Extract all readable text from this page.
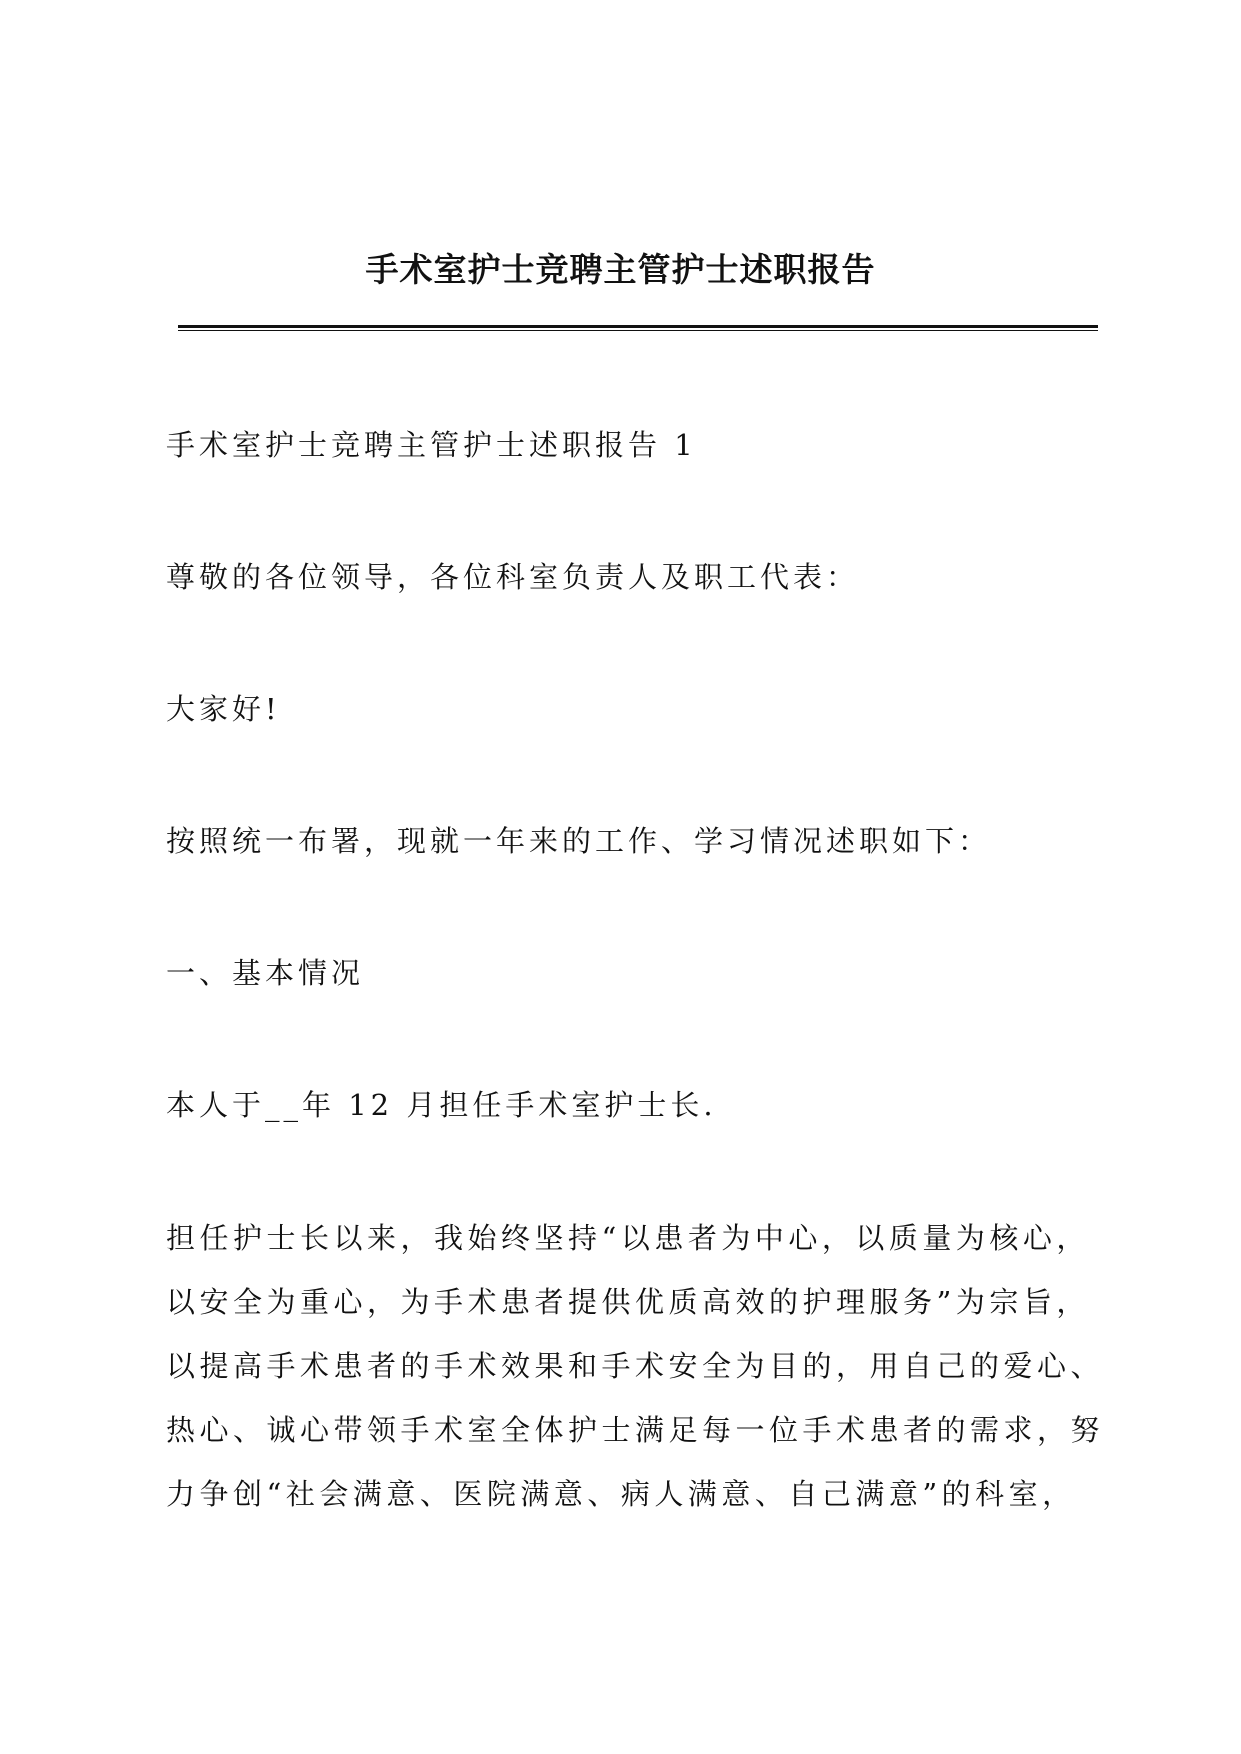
手术室护士竞聘主管护士述职报告
手术室护士竞聘主管护士述职报告 1
尊敬的各位领导，各位科室负责人及职工代表：
大家好!
按照统一布署，现就一年来的工作、学习情况述职如下：
一、基本情况
本人于__年 12 月担任手术室护士长.
担任护士长以来，我始终坚持“以患者为中心，以质量为核心，
以安全为重心，为手术患者提供优质高效的护理服务”为宗旨，
以提高手术患者的手术效果和手术安全为目的，用自己的爱心、
热心、诚心带领手术室全体护士满足每一位手术患者的需求，努
力争创“社会满意、医院满意、病人满意、自己满意”的科室，
